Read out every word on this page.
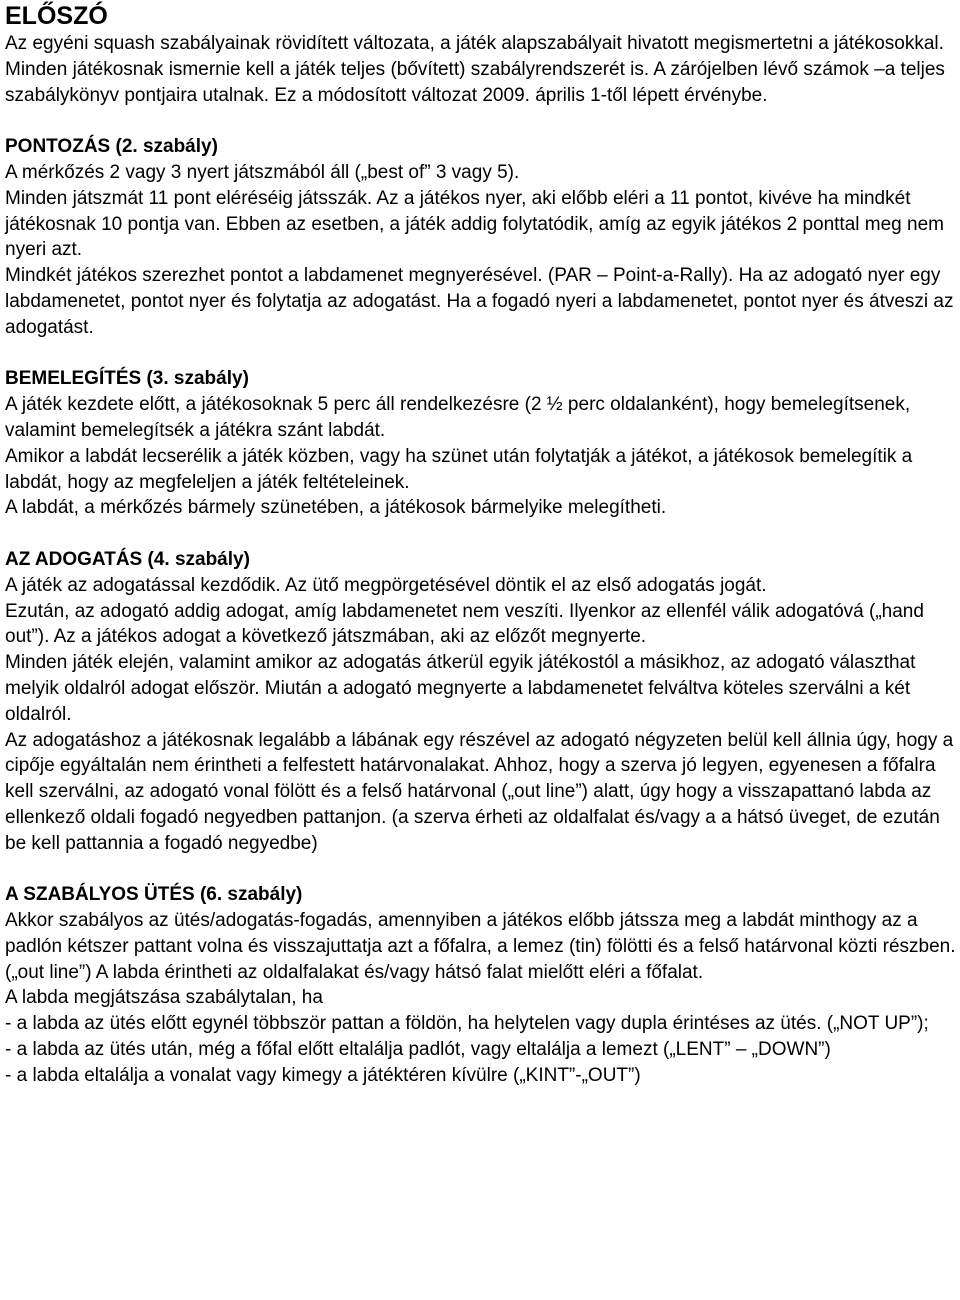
ELŐSZÓ

Az egyéni squash szabályainak rövidített változata, a játék alapszabályait hivatott megismertetni a játékosokkal. Minden játékosnak ismernie kell a játék teljes (bővített) szabályrendszerét is. A zárójelben lévő számok –a teljes szabálykönyv pontjaira utalnak. Ez a módosított változat 2009. április 1-től lépett érvénybe.

PONTOZÁS (2. szabály)

A mérkőzés 2 vagy 3 nyert játszmából áll („best of” 3 vagy 5).

Minden játszmát 11 pont eléréséig játsszák. Az a játékos nyer, aki előbb eléri a 11 pontot, kivéve ha mindkét játékosnak 10 pontja van. Ebben az esetben, a játék addig folytatódik, amíg az egyik játékos 2 ponttal meg nem nyeri azt.

Mindkét játékos szerezhet pontot a labdamenet megnyerésével. (PAR – Point-a-Rally). Ha az adogató nyer egy labdamenetet, pontot nyer és folytatja az adogatást. Ha a fogadó nyeri a labdamenetet, pontot nyer és átveszi az adogatást.

BEMELEGÍTÉS (3. szabály)

A játék kezdete előtt, a játékosoknak 5 perc áll rendelkezésre (2 ½ perc oldalanként), hogy bemelegítsenek, valamint bemelegítsék a játékra szánt labdát.

Amikor a labdát lecserélik a játék közben, vagy ha szünet után folytatják a játékot, a játékosok bemelegítik a labdát, hogy az megfeleljen a játék feltételeinek.

A labdát, a mérkőzés bármely szünetében, a játékosok bármelyike melegítheti.

AZ ADOGATÁS (4. szabály)

A játék az adogatással kezdődik. Az ütő megpörgetésével döntik el az első adogatás jogát.

Ezután, az adogató addig adogat, amíg labdamenetet nem veszíti. Ilyenkor az ellenfél válik adogatóvá („hand out”). Az a játékos adogat a következő játszmában, aki az előzőt megnyerte.

Minden játék elején, valamint amikor az adogatás átkerül egyik játékostól a másikhoz, az adogató választhat melyik oldalról adogat először. Miután a adogató megnyerte a labdamenetet felváltva köteles szerválni a két oldalról.

Az adogatáshoz a játékosnak legalább a lábának egy részével az adogató négyzeten belül kell állnia úgy, hogy a cipője egyáltalán nem érintheti a felfestett határvonalakat. Ahhoz, hogy a szerva jó legyen, egyenesen a főfalra kell szerválni, az adogató vonal fölött és a felső határvonal („out line”) alatt, úgy hogy a visszapattanó labda az ellenkező oldali fogadó negyedben pattanjon. (a szerva érheti az oldalfalat és/vagy a a hátsó üveget, de ezután be kell pattannia a fogadó negyedbe)

A SZABÁLYOS ÜTÉS (6. szabály)

Akkor szabályos az ütés/adogatás-fogadás, amennyiben a játékos előbb játssza meg a labdát minthogy az a padlón kétszer pattant volna és visszajuttatja azt a főfalra, a lemez (tin) fölötti és a felső határvonal közti részben. („out line”) A labda érintheti az oldalfalakat és/vagy hátsó falat mielőtt eléri a főfalat.

A labda megjátszása szabálytalan, ha

- a labda az ütés előtt egynél többször pattan a földön, ha helytelen vagy dupla érintéses az ütés. („NOT UP”);

- a labda az ütés után, még a főfal előtt eltalálja padlót, vagy eltalálja a lemezt („LENT” – „DOWN”)

- a labda eltalálja a vonalat vagy kimegy a játéktéren kívülre („KINT”-„OUT”)
